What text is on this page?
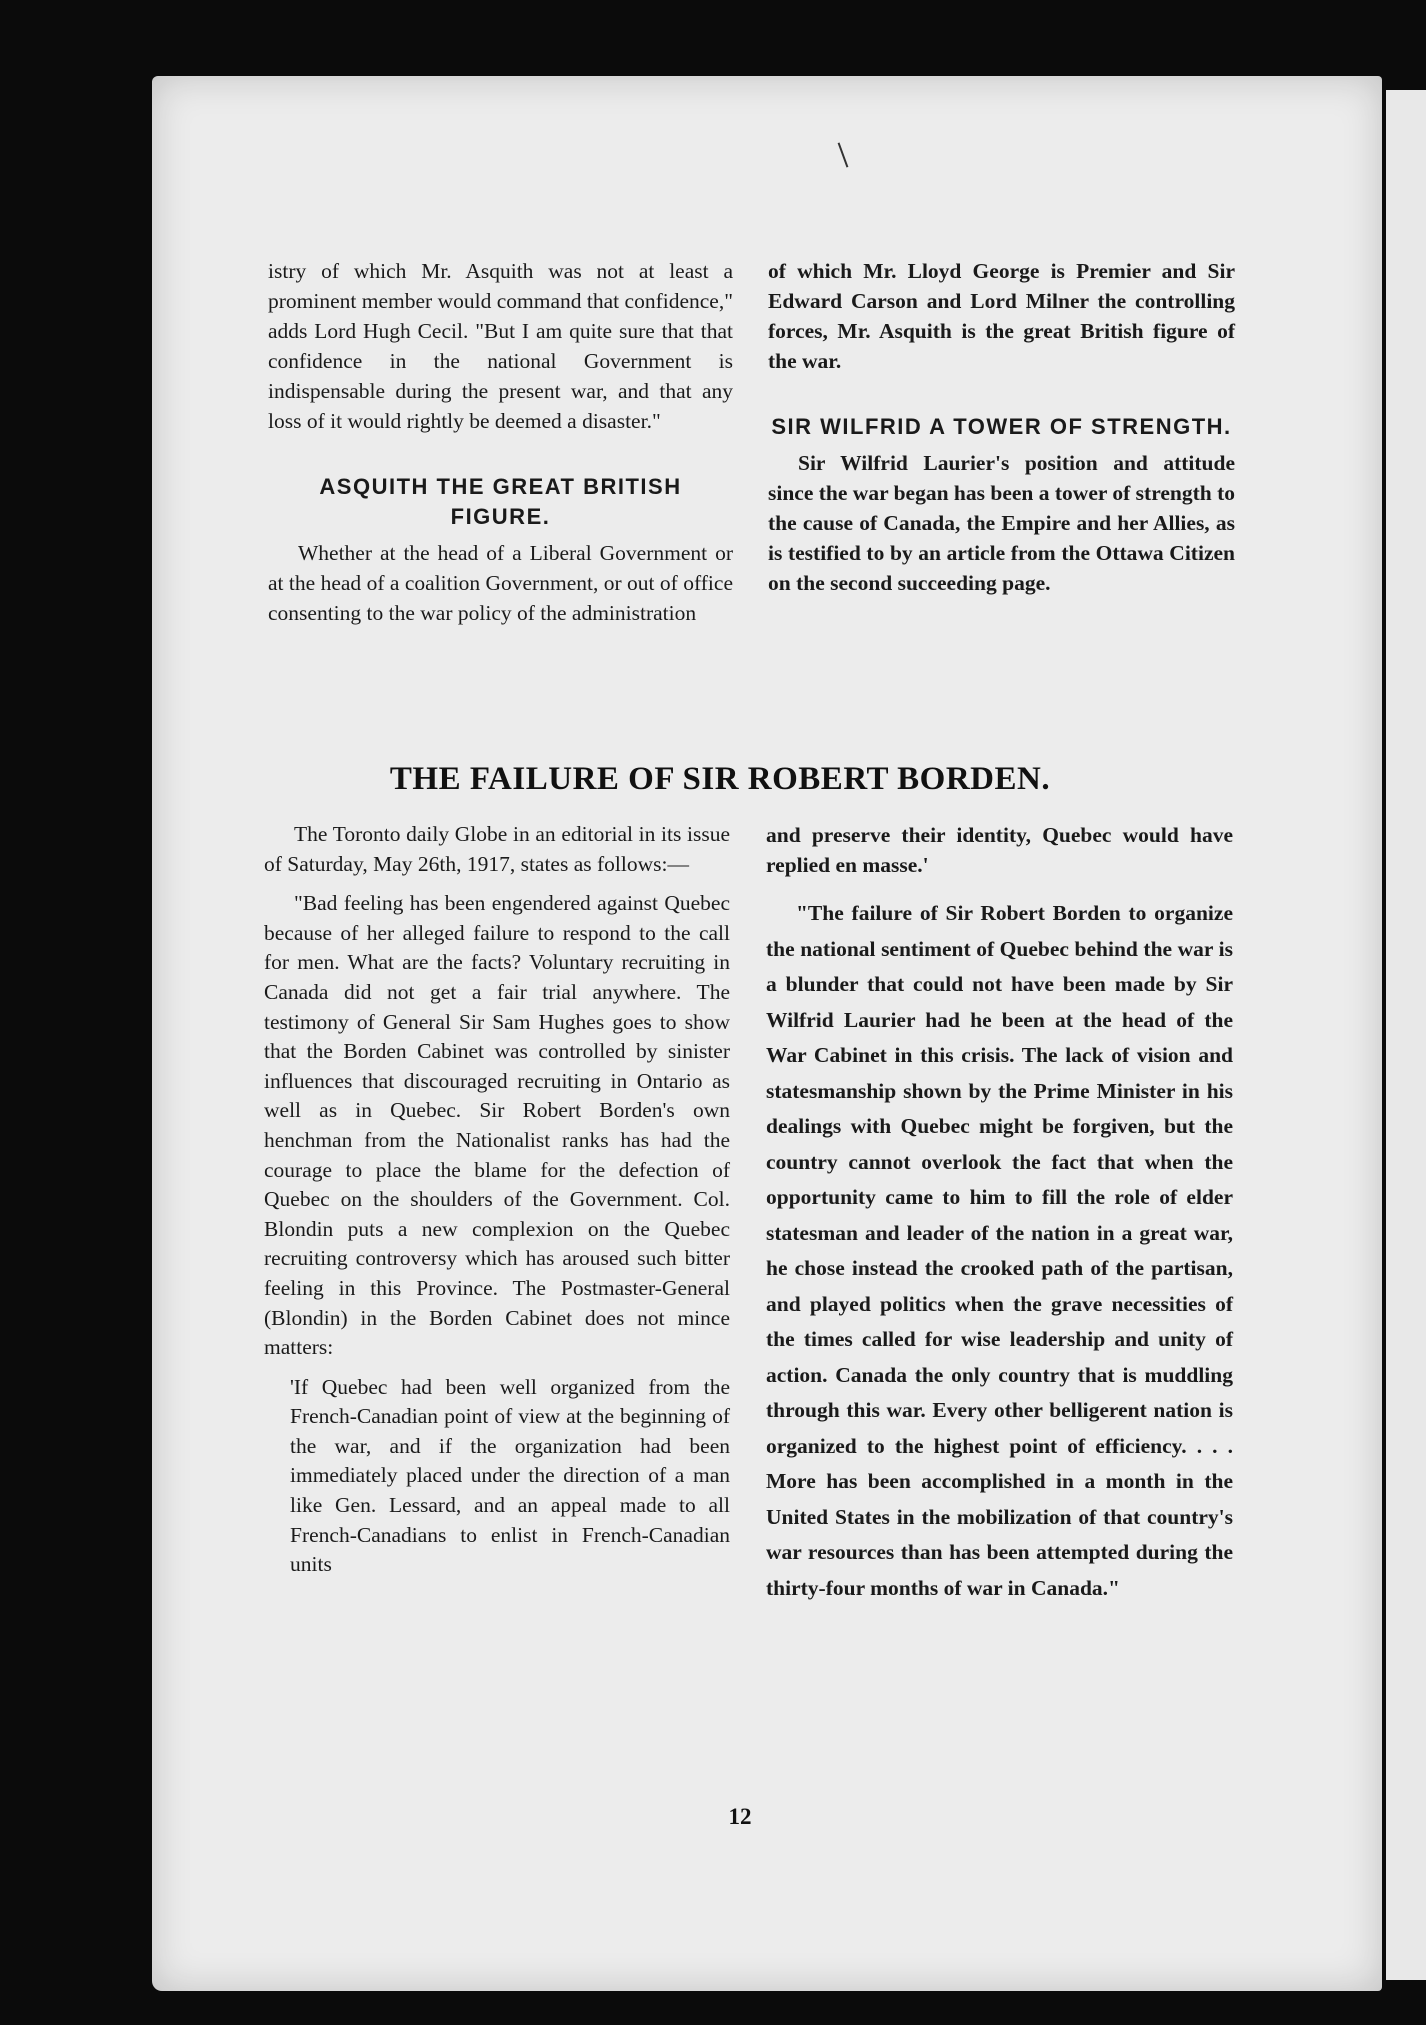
istry of which Mr. Asquith was not at least a prominent member would command that confidence," adds Lord Hugh Cecil. "But I am quite sure that that confidence in the national Government is indispensable during the present war, and that any loss of it would rightly be deemed a disaster."

ASQUITH THE GREAT BRITISH FIGURE.

Whether at the head of a Liberal Government or at the head of a coalition Government, or out of office consenting to the war policy of the administration

of which Mr. Lloyd George is Premier and Sir Edward Carson and Lord Milner the controlling forces, Mr. Asquith is the great British figure of the war.

SIR WILFRID A TOWER OF STRENGTH.

Sir Wilfrid Laurier's position and attitude since the war began has been a tower of strength to the cause of Canada, the Empire and her Allies, as is testified to by an article from the Ottawa Citizen on the second succeeding page.

THE FAILURE OF SIR ROBERT BORDEN.

The Toronto daily Globe in an editorial in its issue of Saturday, May 26th, 1917, states as follows:—

"Bad feeling has been engendered against Quebec because of her alleged failure to respond to the call for men. What are the facts? Voluntary recruiting in Canada did not get a fair trial anywhere. The testimony of General Sir Sam Hughes goes to show that the Borden Cabinet was controlled by sinister influences that discouraged recruiting in Ontario as well as in Quebec. Sir Robert Borden's own henchman from the Nationalist ranks has had the courage to place the blame for the defection of Quebec on the shoulders of the Government. Col. Blondin puts a new complexion on the Quebec recruiting controversy which has aroused such bitter feeling in this Province. The Postmaster-General (Blondin) in the Borden Cabinet does not mince matters:

'If Quebec had been well organized from the French-Canadian point of view at the beginning of the war, and if the organization had been immediately placed under the direction of a man like Gen. Lessard, and an appeal made to all French-Canadians to enlist in French-Canadian units

and preserve their identity, Quebec would have replied en masse.'

"The failure of Sir Robert Borden to organize the national sentiment of Quebec behind the war is a blunder that could not have been made by Sir Wilfrid Laurier had he been at the head of the War Cabinet in this crisis. The lack of vision and statesmanship shown by the Prime Minister in his dealings with Quebec might be forgiven, but the country cannot overlook the fact that when the opportunity came to him to fill the role of elder statesman and leader of the nation in a great war, he chose instead the crooked path of the partisan, and played politics when the grave necessities of the times called for wise leadership and unity of action. Canada the only country that is muddling through this war. Every other belligerent nation is organized to the highest point of efficiency. . . . More has been accomplished in a month in the United States in the mobilization of that country's war resources than has been attempted during the thirty-four months of war in Canada."

12
